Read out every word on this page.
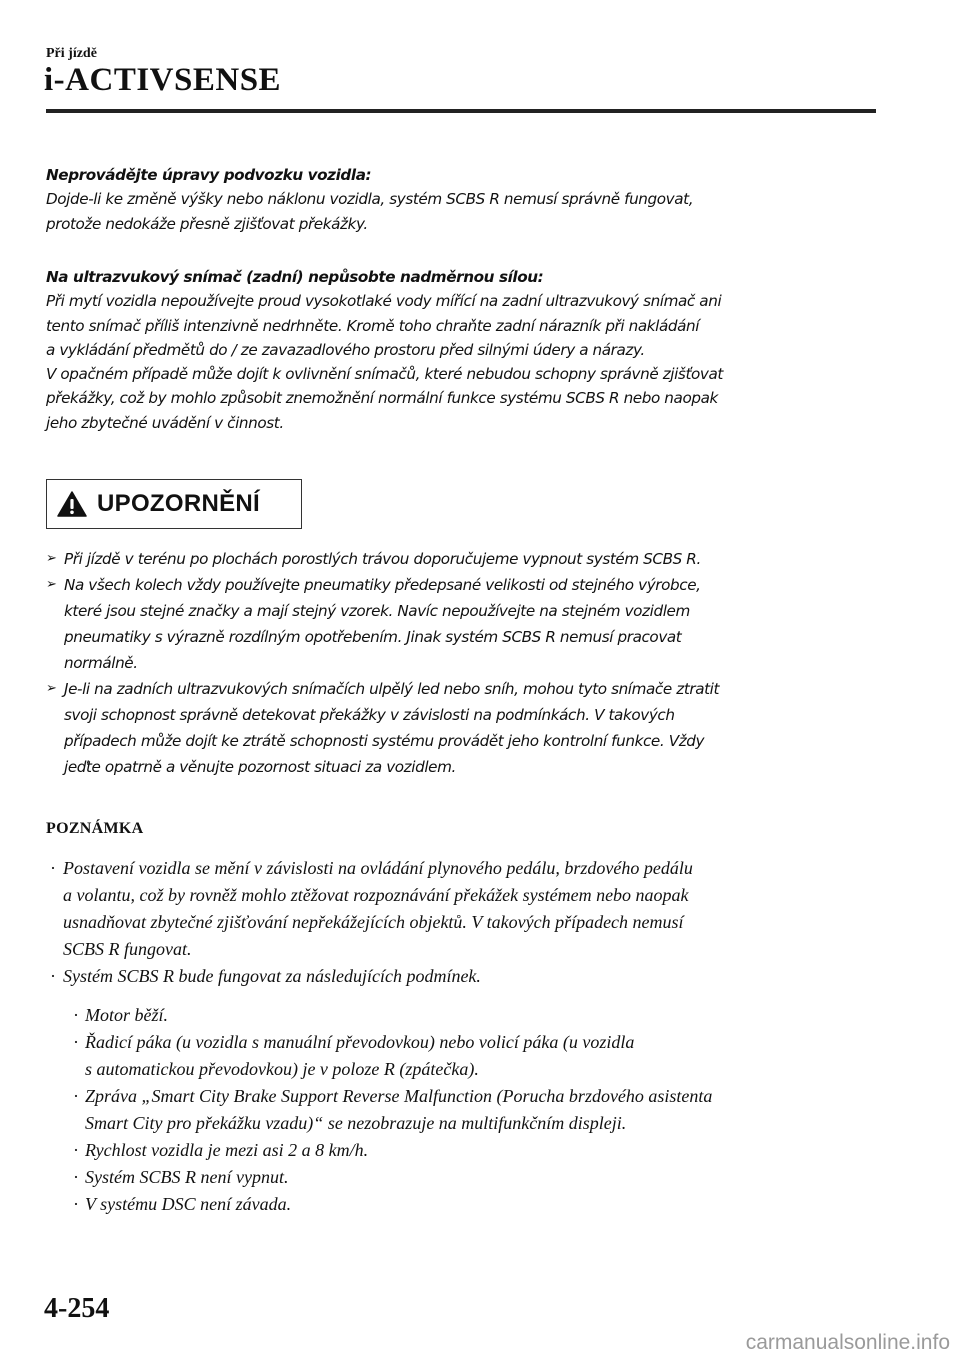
Při jízdě
i-ACTIVSENSE

Neprovádějte úpravy podvozku vozidla:

Dojde-li ke změně výšky nebo náklonu vozidla, systém SCBS R nemusí správně fungovat,

protože nedokáže přesně zjišťovat překážky.

Na ultrazvukový snímač (zadní) nepůsobte nadměrnou sílou:

Při mytí vozidla nepoužívejte proud vysokotlaké vody mířící na zadní ultrazvukový snímač ani

tento snímač příliš intenzivně nedrhněte. Kromě toho chraňte zadní nárazník při nakládání

a vykládání předmětů do / ze zavazadlového prostoru před silnými údery a nárazy.

V opačném případě může dojít k ovlivnění snímačů, které nebudou schopny správně zjišťovat

překážky, což by mohlo způsobit znemožnění normální funkce systému SCBS R nebo naopak

jeho zbytečné uvádění v činnost.

UPOZORNĚNÍ
➢ Při jízdě v terénu po plochách porostlých trávou doporučujeme vypnout systém SCBS R.
➢ Na všech kolech vždy používejte pneumatiky předepsané velikosti od stejného výrobce,
které jsou stejné značky a mají stejný vzorek. Navíc nepoužívejte na stejném vozidlem
pneumatiky s výrazně rozdílným opotřebením. Jinak systém SCBS R nemusí pracovat
normálně.
➢ Je-li na zadních ultrazvukových snímačích ulpělý led nebo sníh, mohou tyto snímače ztratit
svoji schopnost správně detekovat překážky v závislosti na podmínkách. V takových
případech může dojít ke ztrátě schopnosti systému provádět jeho kontrolní funkce. Vždy
jeďte opatrně a věnujte pozornost situaci za vozidlem.
POZNÁMKA
· Postavení vozidla se mění v závislosti na ovládání plynového pedálu, brzdového pedálu
a volantu, což by rovněž mohlo ztěžovat rozpoznávání překážek systémem nebo naopak
usnadňovat zbytečné zjišťování nepřekážejících objektů. V takových případech nemusí
SCBS R fungovat.
· Systém SCBS R bude fungovat za následujících podmínek.
· Motor běží.
· Řadicí páka (u vozidla s manuální převodovkou) nebo volicí páka (u vozidla
s automatickou převodovkou) je v poloze R (zpátečka).
· Zpráva „Smart City Brake Support Reverse Malfunction (Porucha brzdového asistenta
Smart City pro překážku vzadu)“ se nezobrazuje na multifunkčním displeji.
· Rychlost vozidla je mezi asi 2 a 8 km/h.
· Systém SCBS R není vypnut.
· V systému DSC není závada.
4-254
carmanualsonline.info
